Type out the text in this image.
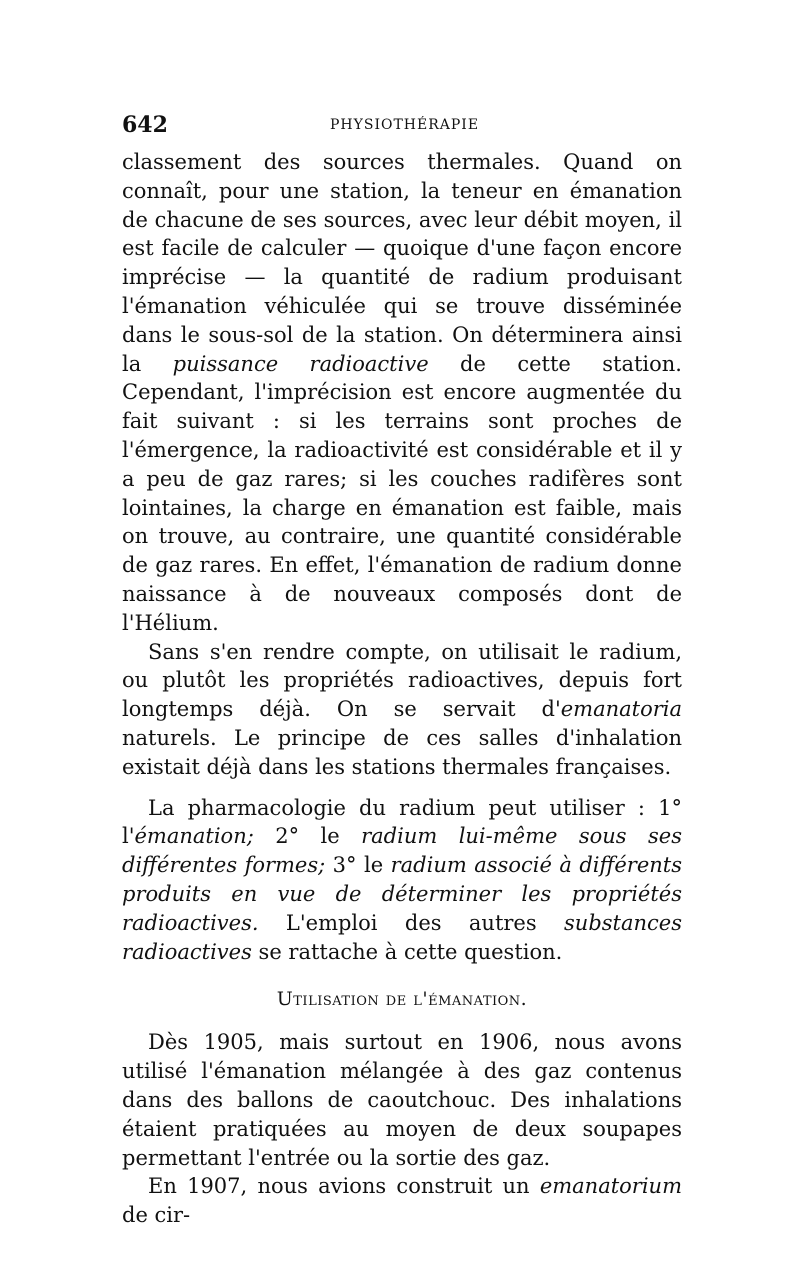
642	PHYSIOTHÉRAPIE

classement des sources thermales. Quand on connaît, pour une station, la teneur en émanation de chacune de ses sources, avec leur débit moyen, il est facile de calculer — quoique d'une façon encore imprécise — la quantité de radium produisant l'émanation véhiculée qui se trouve disséminée dans le sous-sol de la station. On déterminera ainsi la puissance radioactive de cette station. Cependant, l'imprécision est encore augmentée du fait suivant : si les terrains sont proches de l'émergence, la radioactivité est considérable et il y a peu de gaz rares; si les couches radifères sont lointaines, la charge en émanation est faible, mais on trouve, au contraire, une quantité considérable de gaz rares. En effet, l'émanation de radium donne naissance à de nouveaux composés dont de l'Hélium.

Sans s'en rendre compte, on utilisait le radium, ou plutôt les propriétés radioactives, depuis fort longtemps déjà. On se servait d'emanatoria naturels. Le principe de ces salles d'inhalation existait déjà dans les stations thermales françaises.

La pharmacologie du radium peut utiliser : 1° l'émanation; 2° le radium lui-même sous ses différentes formes; 3° le radium associé à différents produits en vue de déterminer les propriétés radioactives. L'emploi des autres substances radioactives se rattache à cette question.

Utilisation de l'émanation.

Dès 1905, mais surtout en 1906, nous avons utilisé l'émanation mélangée à des gaz contenus dans des ballons de caoutchouc. Des inhalations étaient pratiquées au moyen de deux soupapes permettant l'entrée ou la sortie des gaz.

En 1907, nous avions construit un emanatorium de cir-
